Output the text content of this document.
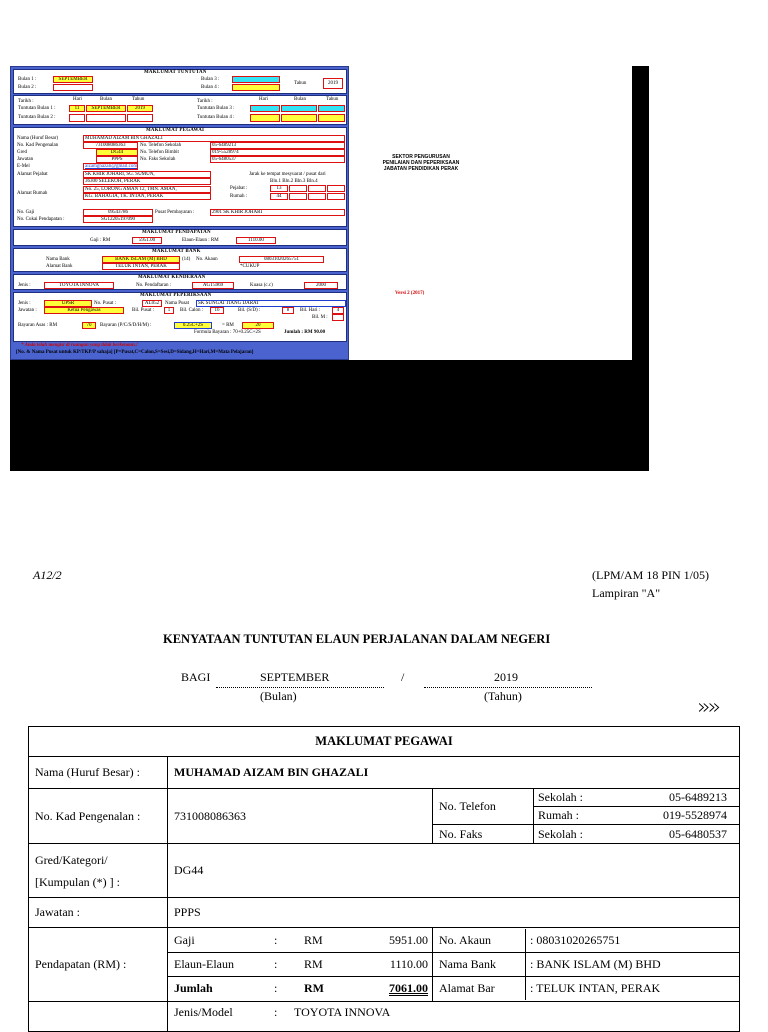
MAKLUMAT TUNTUTAN
Bulan 1 :	SEPTEMBER
Bulan 2 :
Bulan 3 :
Bulan 4 :
Tahun	2019
Tarikh :	Hari	Bulan	Tahun
Tuntutan Bulan 1 :	11	SEPTEMBER	2019
Tuntutan Bulan 2 :
Tarikh :	Hari	Bulan	Tahun
Tuntutan Bulan 3 :
Tuntutan Bulan 4 :
MAKLUMAT PEGAWAI
Nama (Huruf Besar)	MUHAMAD AIZAM BIN GHAZALI
No. Kad Pengenalan	731008086363
Gred	DG44
Jawatan	PPPS
E-Mel	aizamghazali@gmail.com
No. Telefon Sekolah	05-6489213
No. Telefon Bimbit	019-5528974
No. Faks Sekolah	05-6480537
Alamat Pejabat	SK KHIR JOHARI, SG. SUMUN,
36300 SELEKOH, PERAK
Jarak ke tempat mesyuarat / pusat dari
Bln.1 Bln.2 Bln.3 Bln.4
Alamat Rumah
No. 25, LORONG AMAN 12, TMN. AMAN,
KG. BAHAGIA, TK. INTAN, PERAK
Pejabat :	13
Rumah :	44
No. Gaji	09543786	Pusat Pembayaran :	2901 SK KHIR JOHARI
No. Cukai Pendapatan :	SG12205197090
MAKLUMAT PENDAPATAN
Gaji : RM	5951.00	Elaun-Elaun : RM	1110.00
MAKLUMAT BANK
Nama Bank	BANK ISLAM (M) BHD	(14) No. Akaun	08031020265751
Alamat Bank	TELUK INTAN, PERAK	*CUKUP
MAKLUMAT KENDERAAN
Jenis :	TOYOTA INNOVA	No. Pendaftaran :	AGT5969	Kuasa (c.c)	2000
MAKLUMAT PEPERIKSAAN
Jenis :	UPSR	No. Pusat :	AL052	Nama Pusat	SK SUNGAI TIANG DARAT
Jawatan :	Ketua Pengawas	Bil. Pusat :	1	Bil. Calon :	16	Bil. (S/D) :	8	Bil. Hari :	4
Bil. M :
Bayaran Asas : RM	70	Bayaran (P/C/S/D/H/M) :	0.25C+2S	= RM	20
Formula Bayaran : 70+0.25C+2S	Jumlah : RM 90.00
* Anda telah mengisi di ruangan yang tidak berkenaan.!
[No. & Nama Pusat untuk KP/TKP/P sahaja] [P=Pusat,C=Calon,S=Sesi,D=Sidang,H=Hari,M=Mata Pelajaran]
SEKTOR PENGURUSAN
PENILAIAN DAN PEPERIKSAAN
JABATAN PENDIDIKAN PERAK
Versi 2 (2017)
A12/2	(LPM/AM 18 PIN 1/05)
Lampiran "A"
KENYATAAN TUNTUTAN ELAUN PERJALANAN DALAM NEGERI
BAGI	SEPTEMBER	/	2019
(Bulan)	(Tahun)	»»
MAKLUMAT PEGAWAI
Nama (Huruf Besar) :	MUHAMAD AIZAM BIN GHAZALI
No. Kad Pengenalan :	731008086363	
No. Telefon	Sekolah :	05-6489213
Rumah :	019-5528974
No. Faks	Sekolah :	05-6480537

Gred/Kategori/
[Kumpulan (*) ] :
	DG44
Jawatan :	PPPS
Pendapatan (RM) :	
Gaji	:	RM	5951.00
Elaun-Elaun	:	RM	1110.00
Jumlah	:	RM	7061.00

No. Akaun	: 08031020265751
Nama Bank	: BANK ISLAM (M) BHD
Alamat Bar	: TELUK INTAN, PERAK

Jenis/Model	:	TOYOTA INNOVA
